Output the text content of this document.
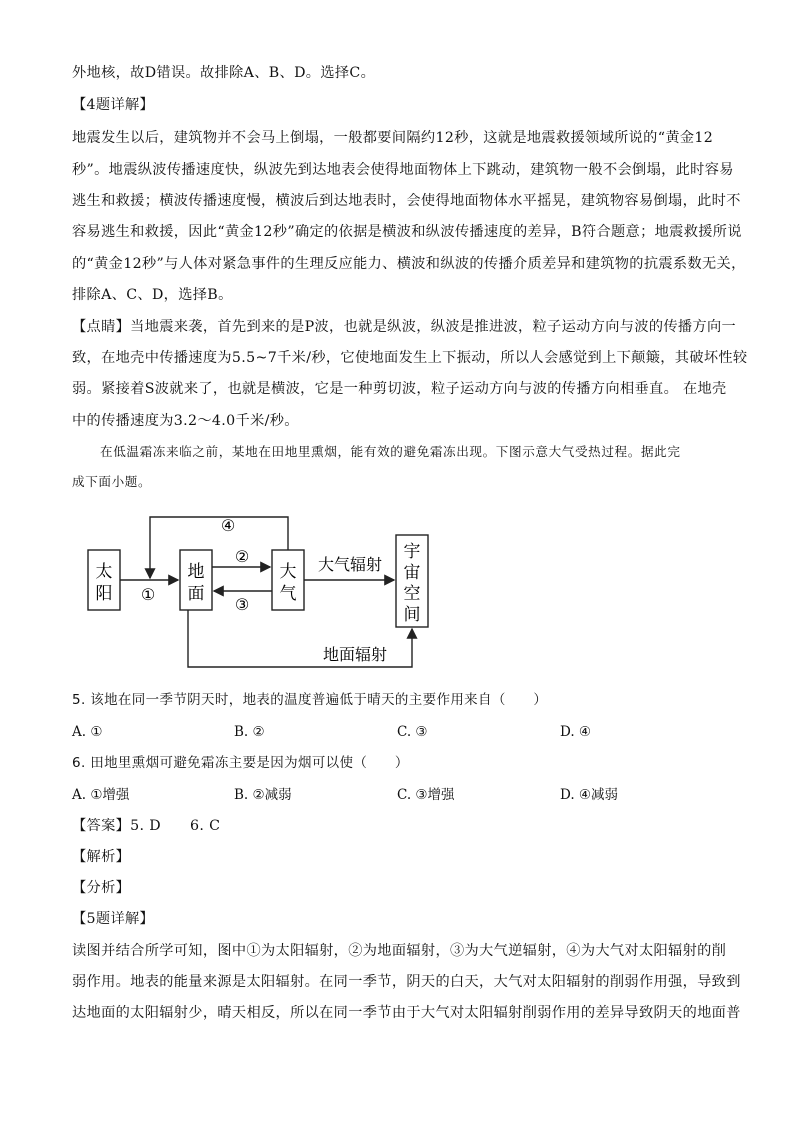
外地核，故D错误。故排除A、B、D。选择C。
【4题详解】
地震发生以后，建筑物并不会马上倒塌，一般都要间隔约12秒，这就是地震救援领域所说的“黄金12
秒”。地震纵波传播速度快，纵波先到达地表会使得地面物体上下跳动，建筑物一般不会倒塌，此时容易
逃生和救援；横波传播速度慢，横波后到达地表时，会使得地面物体水平摇晃，建筑物容易倒塌，此时不
容易逃生和救援，因此“黄金12秒”确定的依据是横波和纵波传播速度的差异，B符合题意；地震救援所说
的“黄金12秒”与人体对紧急事件的生理反应能力、横波和纵波的传播介质差异和建筑物的抗震系数无关，
排除A、C、D，选择B。
【点睛】当地震来袭，首先到来的是P波，也就是纵波，纵波是推进波，粒子运动方向与波的传播方向一
致，在地壳中传播速度为5.5~7千米/秒，它使地面发生上下振动，所以人会感觉到上下颠簸，其破坏性较
弱。紧接着S波就来了，也就是横波，它是一种剪切波，粒子运动方向与波的传播方向相垂直。 在地壳
中的传播速度为3.2～4.0千米/秒。
在低温霜冻来临之前，某地在田地里熏烟，能有效的避免霜冻出现。下图示意大气受热过程。据此完
成下面小题。
太
阳
地
面
大
气
宇
宙
空
间
①
②
③
④
大气辐射
地面辐射
5. 该地在同一季节阴天时，地表的温度普遍低于晴天的主要作用来自（　　）
A. ①	B. ②	C. ③	D. ④
6. 田地里熏烟可避免霜冻主要是因为烟可以使（　　）
A. ①增强	B. ②减弱	C. ③增强	D. ④减弱
【答案】5. D　　6. C
【解析】
【分析】
【5题详解】
读图并结合所学可知，图中①为太阳辐射，②为地面辐射，③为大气逆辐射，④为大气对太阳辐射的削
弱作用。地表的能量来源是太阳辐射。在同一季节，阴天的白天，大气对太阳辐射的削弱作用强，导致到
达地面的太阳辐射少，晴天相反，所以在同一季节由于大气对太阳辐射削弱作用的差异导致阴天的地面普
